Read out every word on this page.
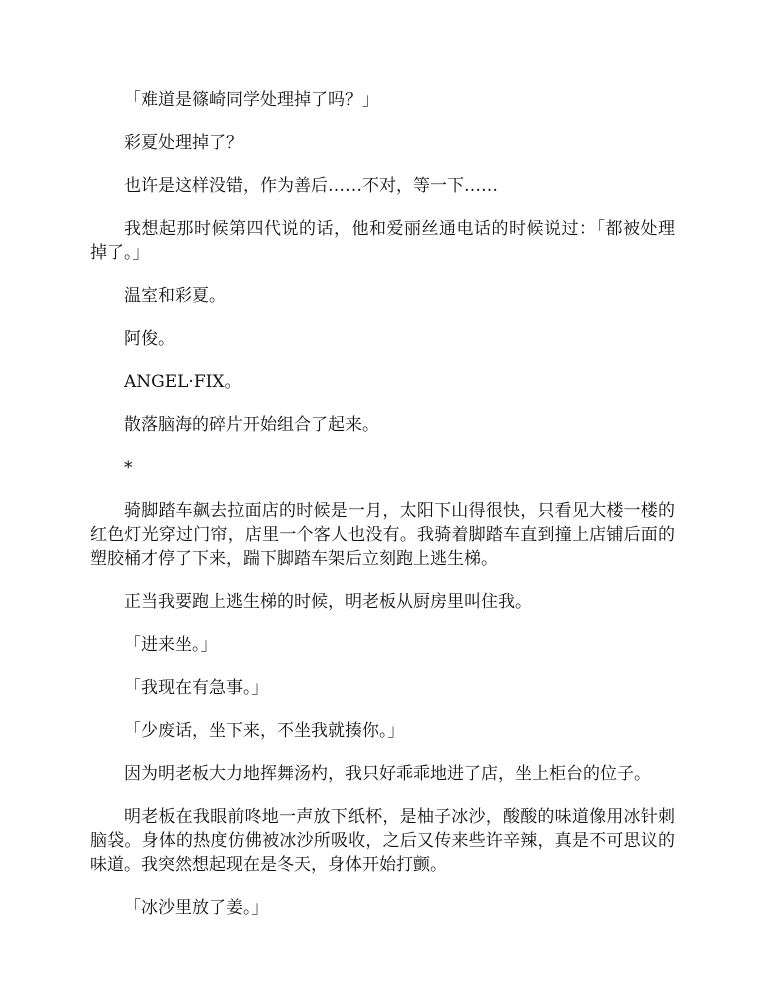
「难道是篠崎同学处理掉了吗？」

彩夏处理掉了？

也许是这样没错，作为善后……不对，等一下……

我想起那时候第四代说的话，他和爱丽丝通电话的时候说过：「都被处理掉了。」

温室和彩夏。

阿俊。

ANGEL·FIX。

散落脑海的碎片开始组合了起来。

*

骑脚踏车飙去拉面店的时候是一月，太阳下山得很快，只看见大楼一楼的红色灯光穿过门帘，店里一个客人也没有。我骑着脚踏车直到撞上店铺后面的塑胶桶才停了下来，踹下脚踏车架后立刻跑上逃生梯。

正当我要跑上逃生梯的时候，明老板从厨房里叫住我。

「进来坐。」

「我现在有急事。」

「少废话，坐下来，不坐我就揍你。」

因为明老板大力地挥舞汤杓，我只好乖乖地进了店，坐上柜台的位子。

明老板在我眼前咚地一声放下纸杯，是柚子冰沙，酸酸的味道像用冰针刺脑袋。身体的热度仿佛被冰沙所吸收，之后又传来些许辛辣，真是不可思议的味道。我突然想起现在是冬天，身体开始打颤。

「冰沙里放了姜。」
